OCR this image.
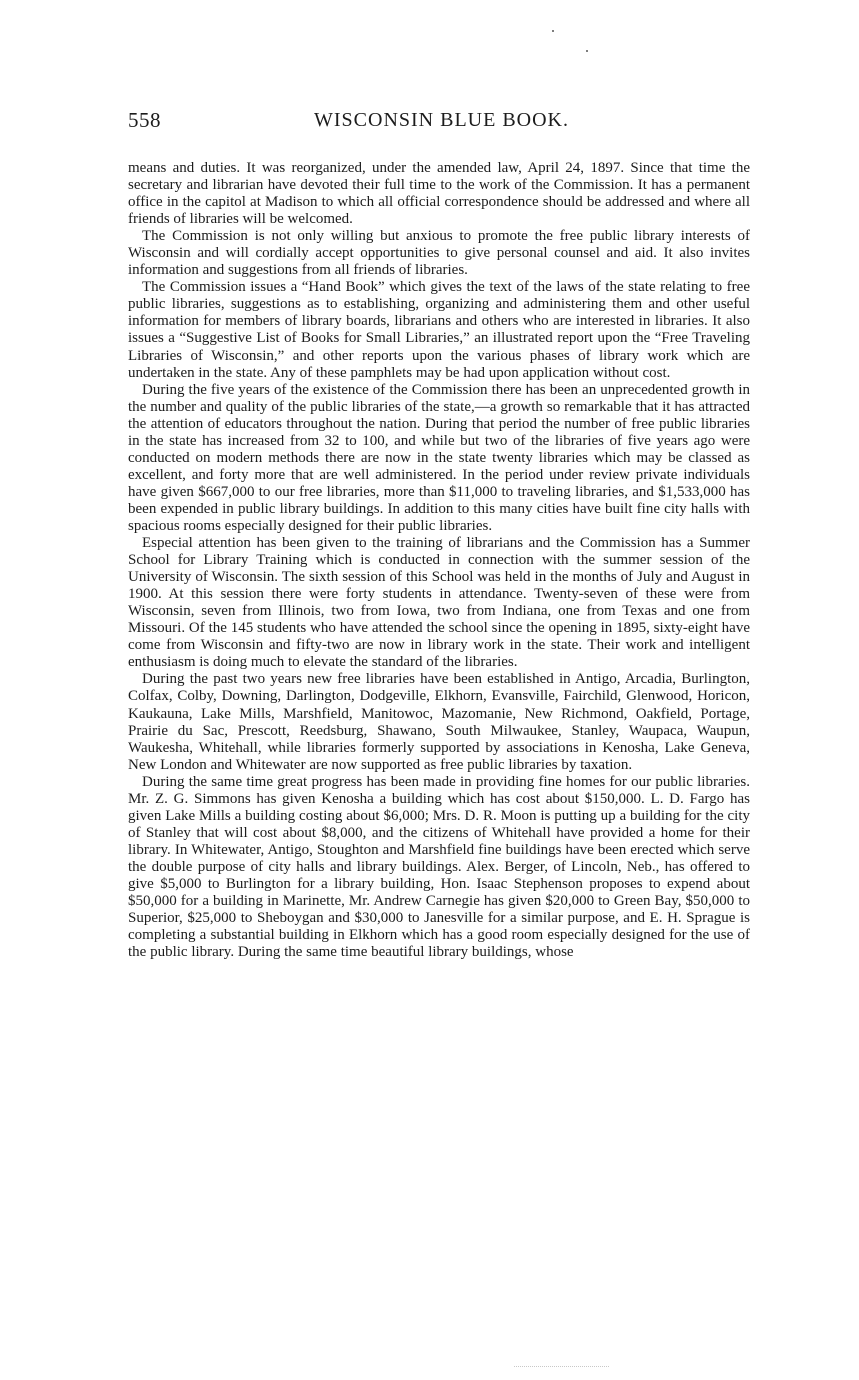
558	WISCONSIN BLUE BOOK.

means and duties. It was reorganized, under the amended law, April 24, 1897. Since that time the secretary and librarian have devoted their full time to the work of the Commission. It has a permanent office in the capitol at Madison to which all official correspondence should be addressed and where all friends of libraries will be welcomed.

The Commission is not only willing but anxious to promote the free public library interests of Wisconsin and will cordially accept opportunities to give personal counsel and aid. It also invites information and suggestions from all friends of libraries.

The Commission issues a “Hand Book” which gives the text of the laws of the state relating to free public libraries, suggestions as to establishing, organizing and administering them and other useful information for members of library boards, librarians and others who are interested in libraries. It also issues a “Suggestive List of Books for Small Libraries,” an illustrated report upon the “Free Traveling Libraries of Wisconsin,” and other reports upon the various phases of library work which are undertaken in the state. Any of these pamphlets may be had upon application without cost.

During the five years of the existence of the Commission there has been an unprecedented growth in the number and quality of the public libraries of the state,—a growth so remarkable that it has attracted the attention of educators throughout the nation. During that period the number of free public libraries in the state has increased from 32 to 100, and while but two of the libraries of five years ago were conducted on modern methods there are now in the state twenty libraries which may be classed as excellent, and forty more that are well administered. In the period under review private individuals have given $667,000 to our free libraries, more than $11,000 to traveling libraries, and $1,533,000 has been expended in public library buildings. In addition to this many cities have built fine city halls with spacious rooms especially designed for their public libraries.

Especial attention has been given to the training of librarians and the Commission has a Summer School for Library Training which is conducted in connection with the summer session of the University of Wisconsin. The sixth session of this School was held in the months of July and August in 1900. At this session there were forty students in attendance. Twenty-seven of these were from Wisconsin, seven from Illinois, two from Iowa, two from Indiana, one from Texas and one from Missouri. Of the 145 students who have attended the school since the opening in 1895, sixty-eight have come from Wisconsin and fifty-two are now in library work in the state. Their work and intelligent enthusiasm is doing much to elevate the standard of the libraries.

During the past two years new free libraries have been established in Antigo, Arcadia, Burlington, Colfax, Colby, Downing, Darlington, Dodgeville, Elkhorn, Evansville, Fairchild, Glenwood, Horicon, Kaukauna, Lake Mills, Marshfield, Manitowoc, Mazomanie, New Richmond, Oakfield, Portage, Prairie du Sac, Prescott, Reedsburg, Shawano, South Milwaukee, Stanley, Waupaca, Waupun, Waukesha, Whitehall, while libraries formerly supported by associations in Kenosha, Lake Geneva, New London and Whitewater are now supported as free public libraries by taxation.

During the same time great progress has been made in providing fine homes for our public libraries. Mr. Z. G. Simmons has given Kenosha a building which has cost about $150,000. L. D. Fargo has given Lake Mills a building costing about $6,000; Mrs. D. R. Moon is putting up a building for the city of Stanley that will cost about $8,000, and the citizens of Whitehall have provided a home for their library. In Whitewater, Antigo, Stoughton and Marshfield fine buildings have been erected which serve the double purpose of city halls and library buildings. Alex. Berger, of Lincoln, Neb., has offered to give $5,000 to Burlington for a library building, Hon. Isaac Stephenson proposes to expend about $50,000 for a building in Marinette, Mr. Andrew Carnegie has given $20,000 to Green Bay, $50,000 to Superior, $25,000 to Sheboygan and $30,000 to Janesville for a similar purpose, and E. H. Sprague is completing a substantial building in Elkhorn which has a good room especially designed for the use of the public library. During the same time beautiful library buildings, whose
